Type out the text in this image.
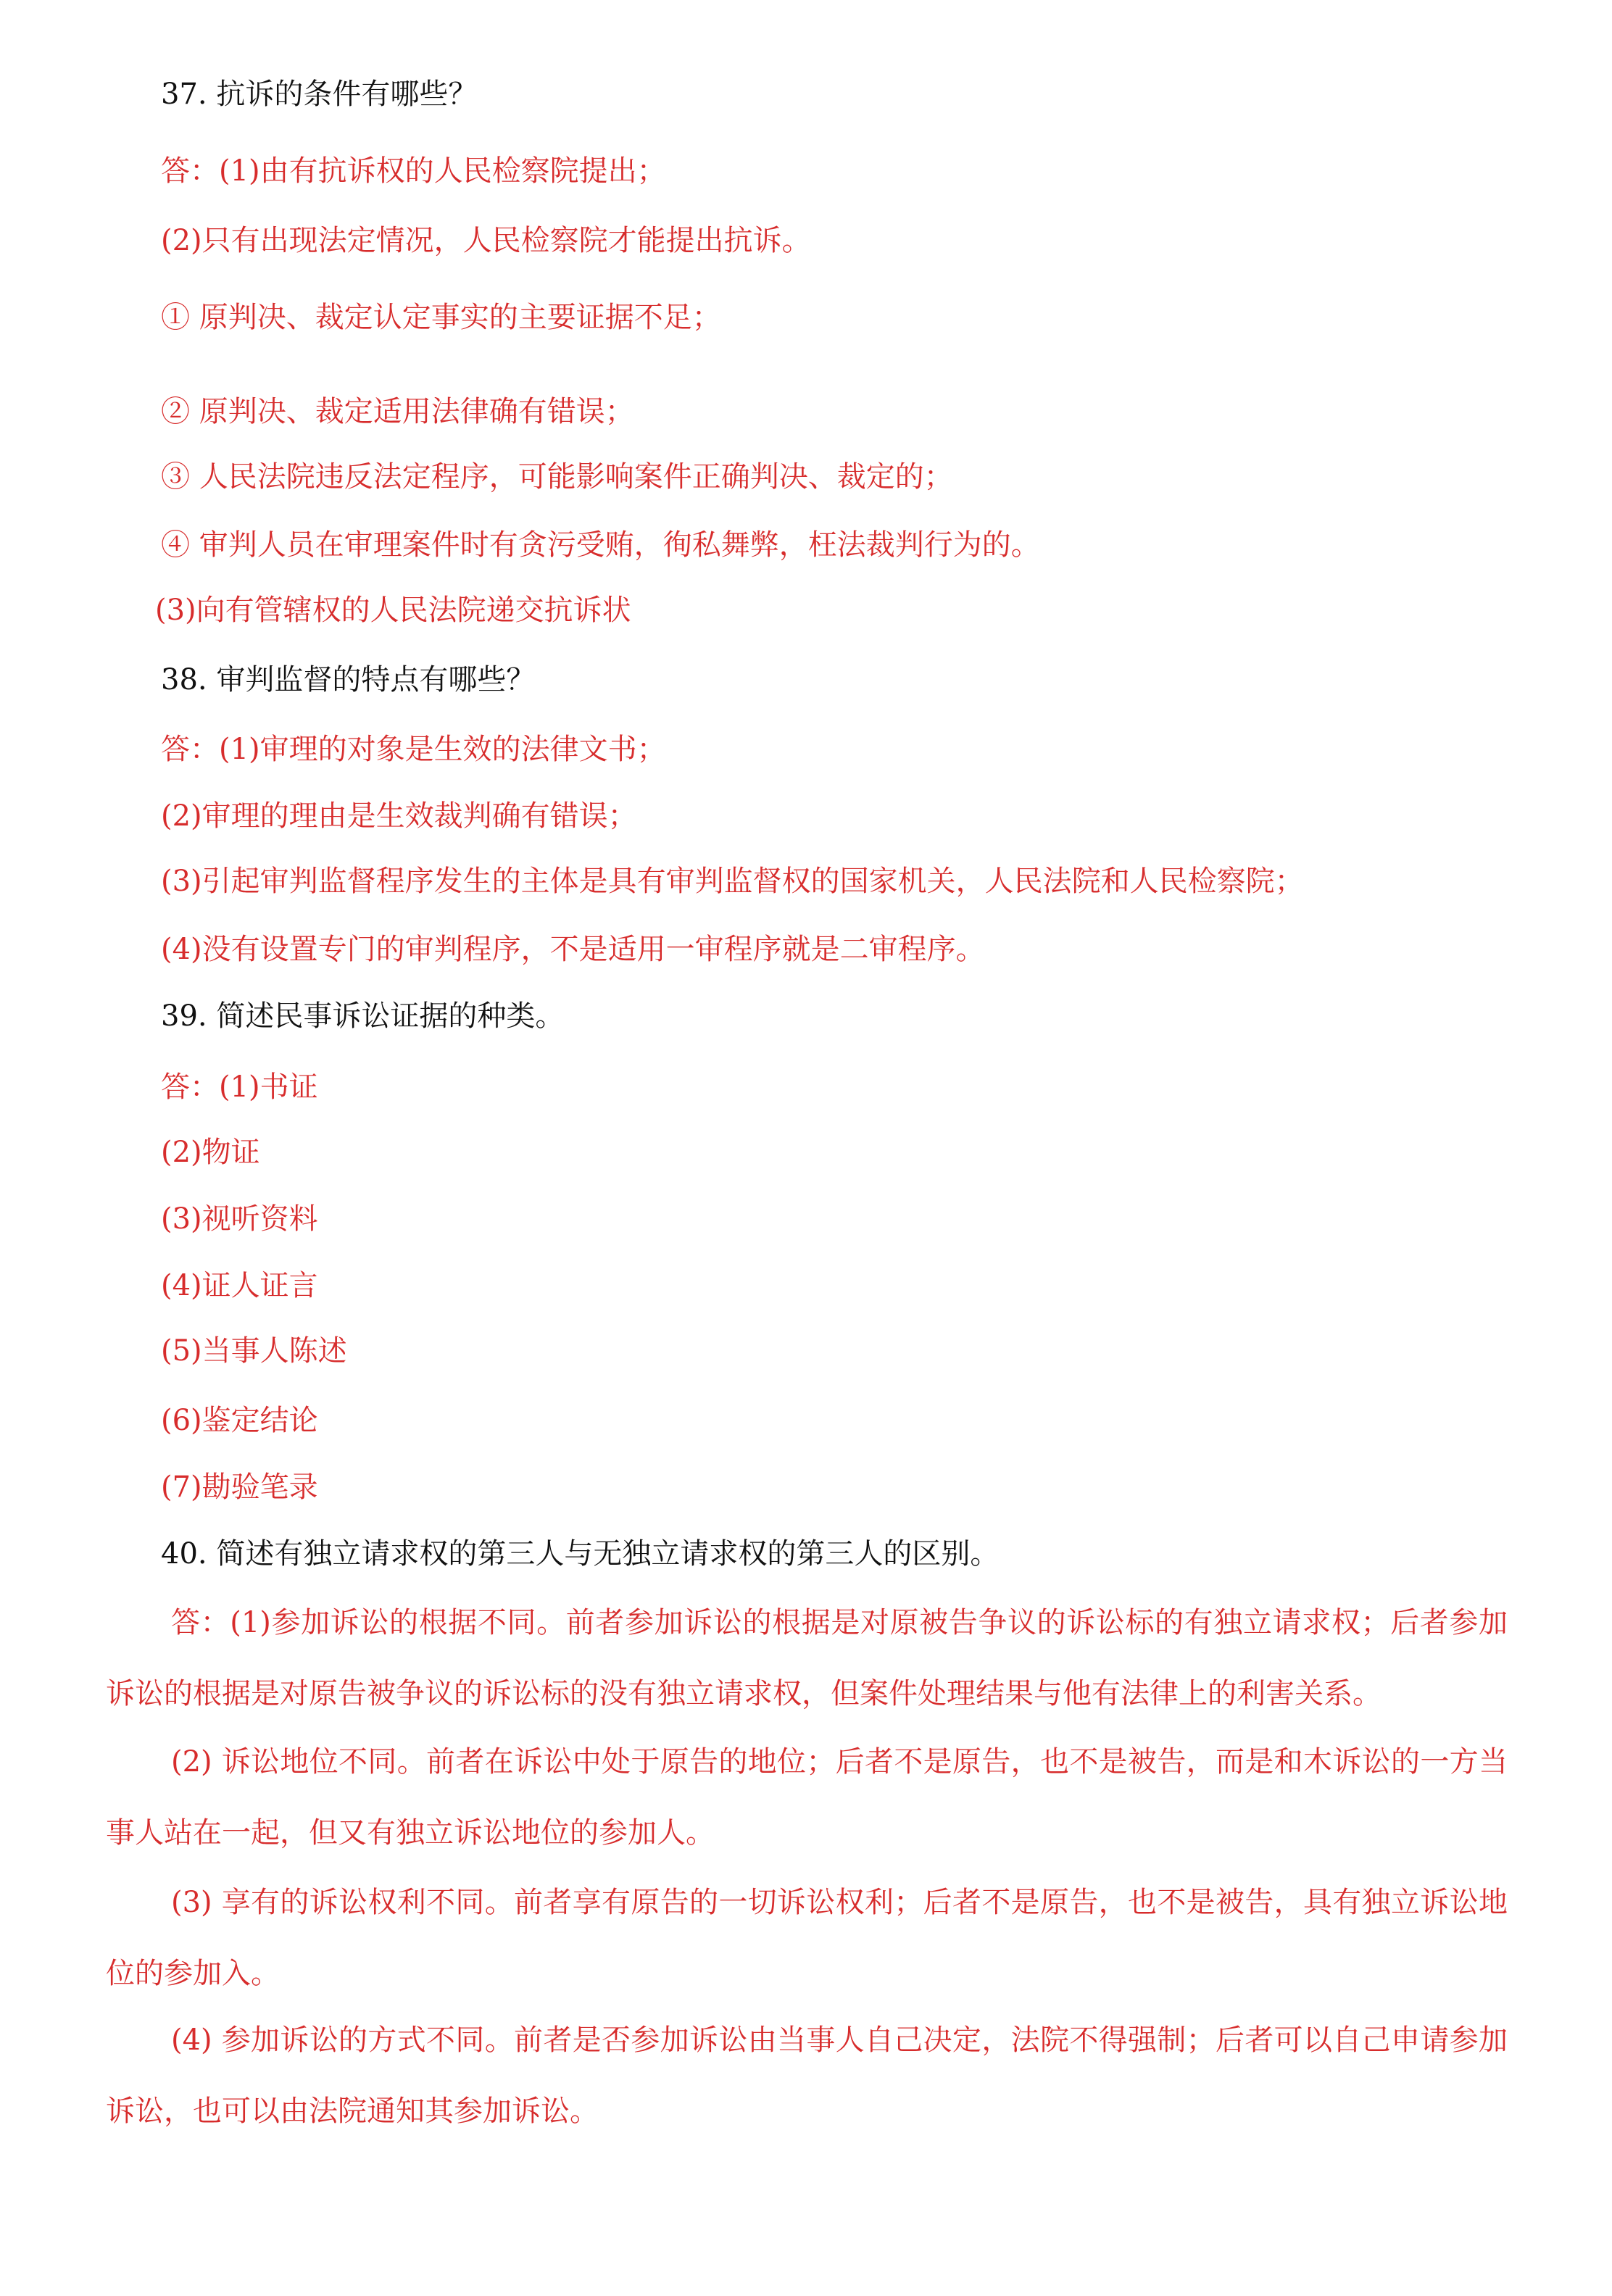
37. 抗诉的条件有哪些？
答：(1)由有抗诉权的人民检察院提出；
(2)只有出现法定情况，人民检察院才能提出抗诉。
① 原判决、裁定认定事实的主要证据不足；
② 原判决、裁定适用法律确有错误；
③ 人民法院违反法定程序，可能影响案件正确判决、裁定的；
④ 审判人员在审理案件时有贪污受贿，徇私舞弊，枉法裁判行为的。
(3)向有管辖权的人民法院递交抗诉状
38. 审判监督的特点有哪些？
答：(1)审理的对象是生效的法律文书；
(2)审理的理由是生效裁判确有错误；
(3)引起审判监督程序发生的主体是具有审判监督权的国家机关，人民法院和人民检察院；
(4)没有设置专门的审判程序，不是适用一审程序就是二审程序。
39. 简述民事诉讼证据的种类。
答：(1)书证
(2)物证
(3)视听资料
(4)证人证言
(5)当事人陈述
(6)鉴定结论
(7)勘验笔录
40. 简述有独立请求权的第三人与无独立请求权的第三人的区别。
答：(1)参加诉讼的根据不同。前者参加诉讼的根据是对原被告争议的诉讼标的有独立请求权；后者参加诉讼的根据是对原告被争议的诉讼标的没有独立请求权，但案件处理结果与他有法律上的利害关系。
(2) 诉讼地位不同。前者在诉讼中处于原告的地位；后者不是原告，也不是被告，而是和木诉讼的一方当事人站在一起，但又有独立诉讼地位的参加人。
(3) 享有的诉讼权利不同。前者享有原告的一切诉讼权利；后者不是原告，也不是被告，具有独立诉讼地位的参加入。
(4) 参加诉讼的方式不同。前者是否参加诉讼由当事人自己决定，法院不得强制；后者可以自己申请参加诉讼，也可以由法院通知其参加诉讼。
